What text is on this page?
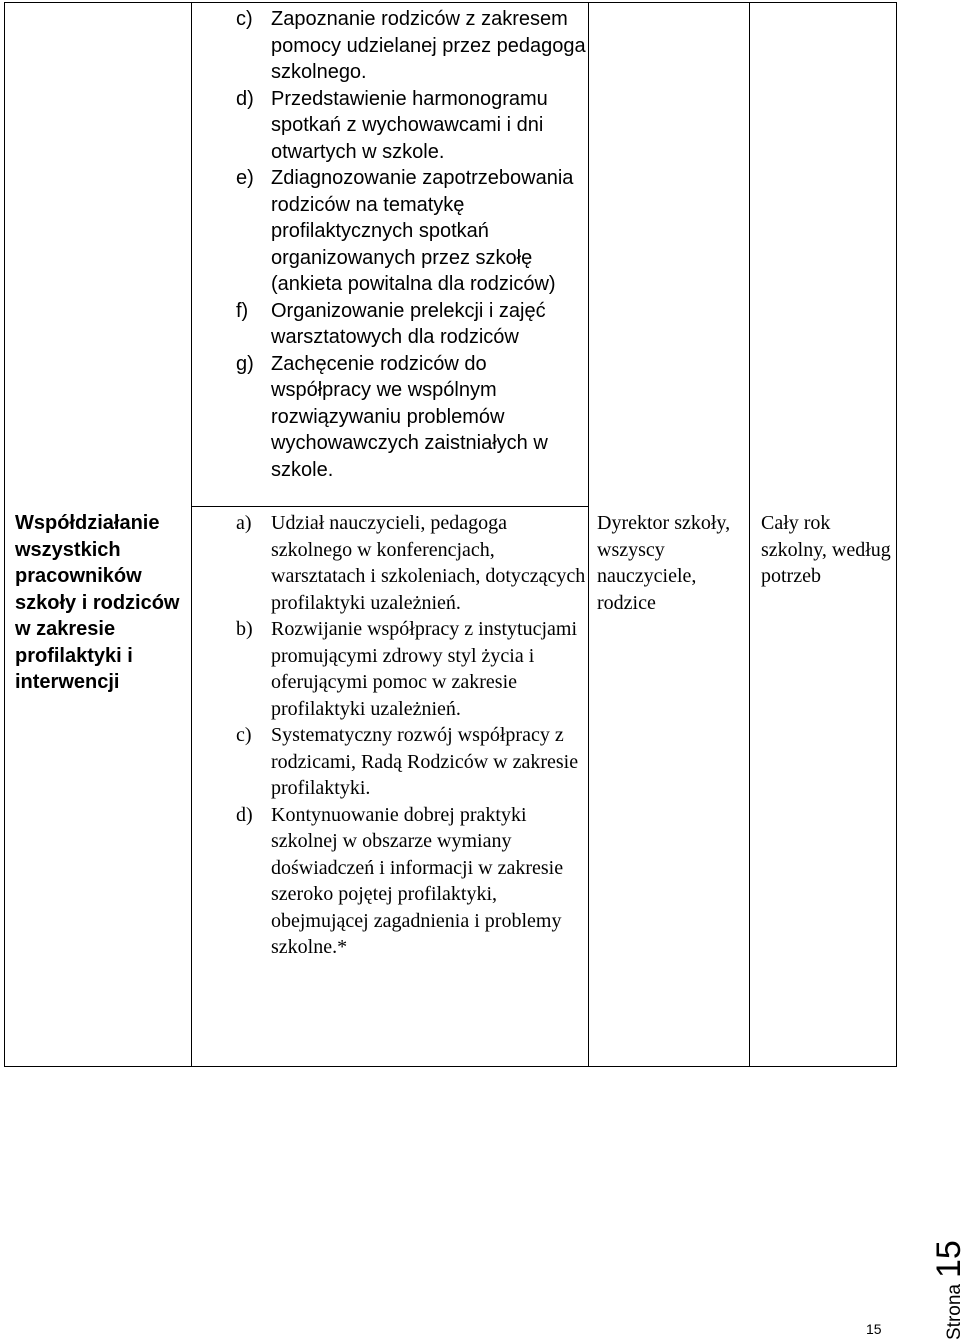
c) Zapoznanie rodziców z zakresem pomocy udzielanej przez pedagoga szkolnego.
d) Przedstawienie harmonogramu spotkań z wychowawcami i dni otwartych w szkole.
e) Zdiagnozowanie zapotrzebowania rodziców na tematykę profilaktycznych spotkań organizowanych przez szkołę (ankieta powitalna dla rodziców)
f) Organizowanie prelekcji i zajęć warsztatowych dla rodziców
g) Zachęcenie rodziców do współpracy we wspólnym rozwiązywaniu problemów wychowawczych zaistniałych w szkole.
Współdziałanie wszystkich pracowników szkoły i rodziców w zakresie profilaktyki i interwencji
a) Udział nauczycieli, pedagoga szkolnego w konferencjach, warsztatach i szkoleniach, dotyczących profilaktyki uzależnień.
b) Rozwijanie współpracy z instytucjami promującymi zdrowy styl życia i oferującymi pomoc w zakresie profilaktyki uzależnień.
c) Systematyczny rozwój współpracy z rodzicami, Radą Rodziców w zakresie profilaktyki.
d) Kontynuowanie dobrej praktyki szkolnej w obszarze wymiany doświadczeń i informacji w zakresie szeroko pojętej profilaktyki, obejmującej zagadnienia i problemy szkolne.*
Dyrektor szkoły, wszyscy nauczyciele, rodzice
Cały rok szkolny, według potrzeb
15	Strona
15
